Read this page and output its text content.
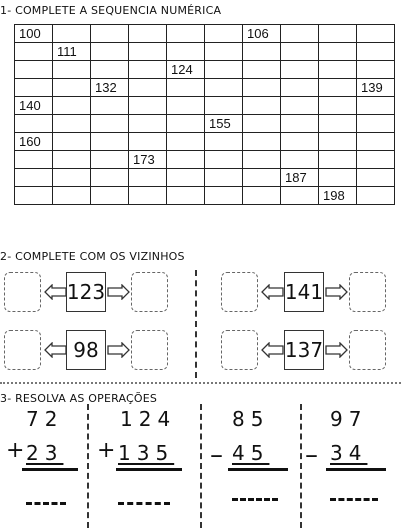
1- COMPLETE A SEQUENCIA NUMÉRICA
100						106			

	111								

				124					

		132							139

140									

					155				

160									

			173						

							187		

								198	

2- COMPLETE COM OS VIZINHOS
123	141
98	137
3- RESOLVA AS OPERAÇÕES
72
+ 23
124
+ 135
85
– 45
97
– 34
